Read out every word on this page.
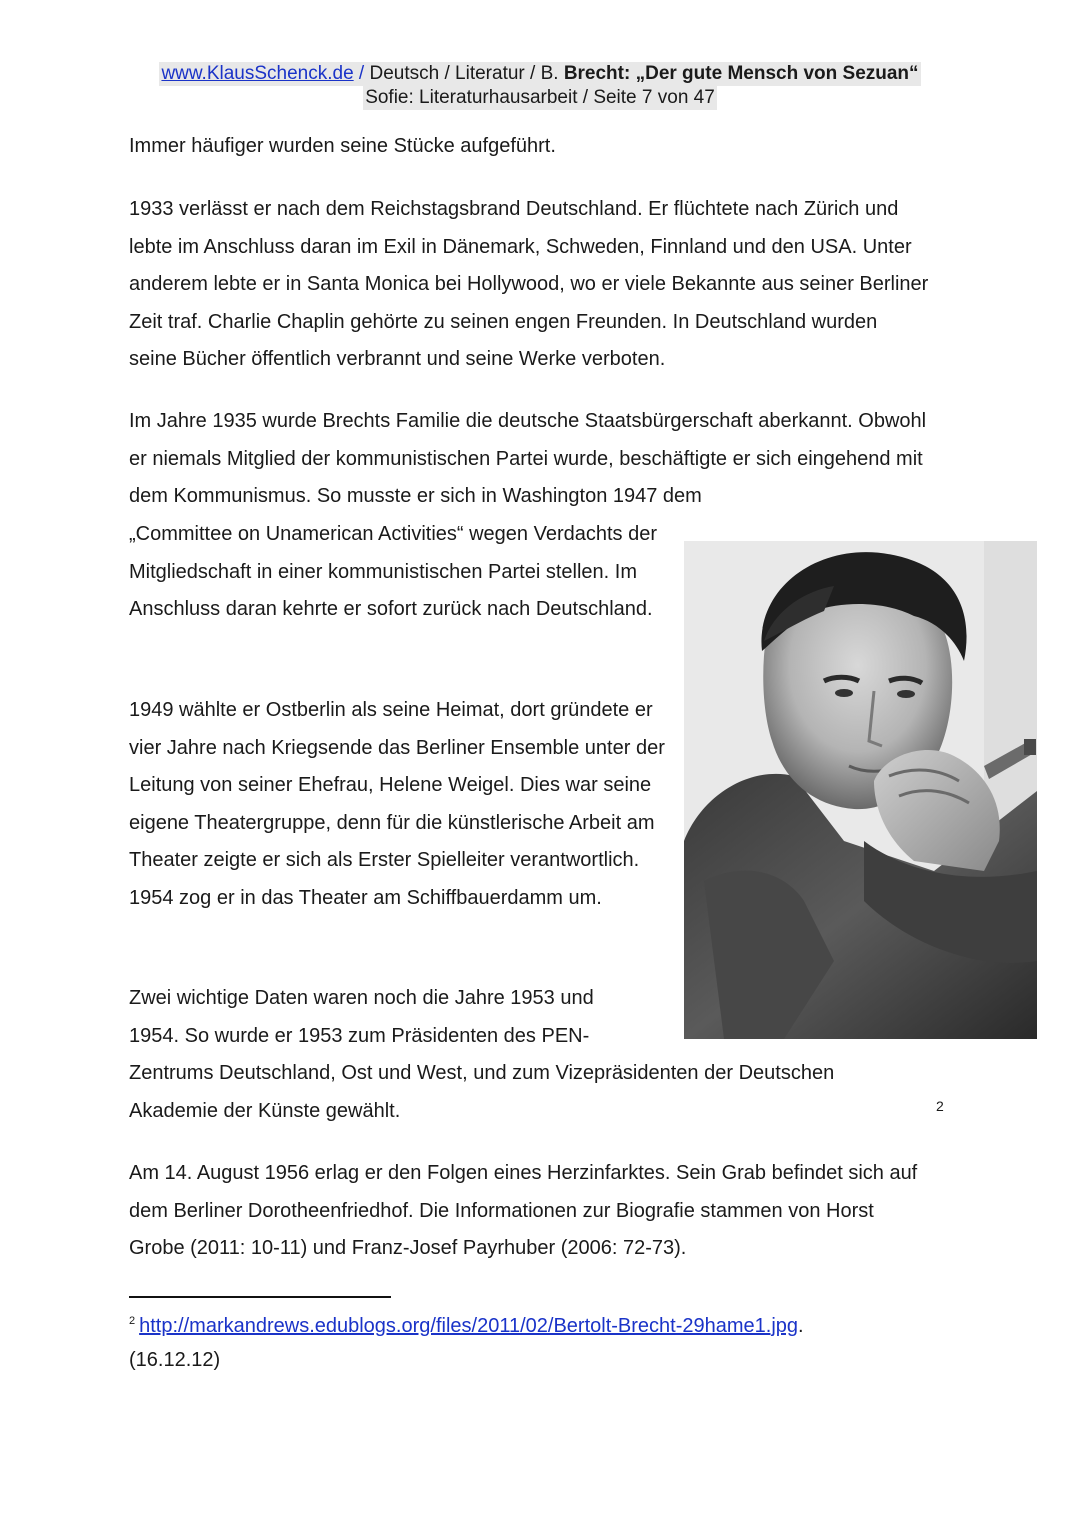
www.KlausSchenck.de / Deutsch / Literatur / B. Brecht: „Der gute Mensch von Sezuan“
Sofie: Literaturhausarbeit / Seite 7 von 47

Immer häufiger wurden seine Stücke aufgeführt.

1933 verlässt er nach dem Reichstagsbrand Deutschland. Er flüchtete nach Zürich und lebte im Anschluss daran im Exil in Dänemark, Schweden, Finnland und den USA. Unter anderem lebte er in Santa Monica bei Hollywood, wo er viele Bekannte aus seiner Berliner Zeit traf. Charlie Chaplin gehörte zu seinen engen Freunden. In Deutschland wurden seine Bücher öffentlich verbrannt und seine Werke verboten.

Im Jahre 1935 wurde Brechts Familie die deutsche Staatsbürgerschaft aberkannt. Obwohl er niemals Mitglied der kommunistischen Partei wurde, beschäftigte er sich eingehend mit dem Kommunismus. So musste er sich in Washington 1947 dem

„Committee on Unamerican Activities“ wegen Verdachts der Mitgliedschaft in einer kommunistischen Partei stellen. Im Anschluss daran kehrte er sofort zurück nach Deutschland.

1949 wählte er Ostberlin als seine Heimat, dort gründete er vier Jahre nach Kriegsende das Berliner Ensemble unter der Leitung von seiner Ehefrau, Helene Weigel. Dies war seine eigene Theatergruppe, denn für die künstlerische Arbeit am Theater zeigte er sich als Erster Spielleiter verantwortlich. 1954 zog er in das Theater am Schiffbauerdamm um.

Zwei wichtige Daten waren noch die Jahre 1953 und 1954. So wurde er 1953 zum Präsidenten des PEN-

Zentrums Deutschland, Ost und West, und zum Vizepräsidenten der Deutschen Akademie der Künste gewählt.

Am 14. August 1956 erlag er den Folgen eines Herzinfarktes. Sein Grab befindet sich auf dem Berliner Dorotheenfriedhof. Die Informationen zur Biografie stammen von Horst Grobe (2011: 10-11) und Franz-Josef Payrhuber (2006: 72-73).

2

$^2$ http://markandrews.edublogs.org/files/2011/02/Bertolt-Brecht-29hame1.jpg.
(16.12.12)
